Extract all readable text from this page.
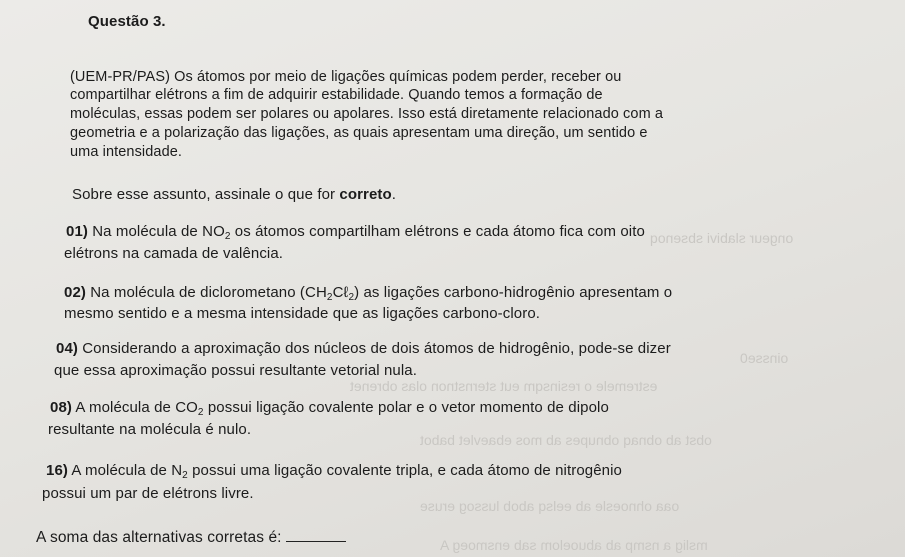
ongeur slabivi sbsenoq
oinsse0
estremele o resinsqm eut sternstnon olas obrenet
obst ab obnaq obnupes ab mos ebaevlet babot
oaa ohnoesle ab eelsq abob lussog eruse
mslig a nsmp ab abuoelom sab ensmoeg A
Questão 3.
(UEM-PR/PAS) Os átomos por meio de ligações químicas podem perder, receber ou
compartilhar elétrons a fim de adquirir estabilidade. Quando temos a formação de
moléculas, essas podem ser polares ou apolares. Isso está diretamente relacionado com a
geometria e a polarização das ligações, as quais apresentam uma direção, um sentido e
uma intensidade.
Sobre esse assunto, assinale o que for correto.
01) Na molécula de $NO_2$ os átomos compartilham elétrons e cada átomo fica com oito
elétrons na camada de valência.
02) Na molécula de diclorometano $(CH_2C\ell_2)$ as ligações carbono-hidrogênio apresentam o
mesmo sentido e a mesma intensidade que as ligações carbono-cloro.
04) Considerando a aproximação dos núcleos de dois átomos de hidrogênio, pode-se dizer
que essa aproximação possui resultante vetorial nula.
08) A molécula de $CO_2$ possui ligação covalente polar e o vetor momento de dipolo
resultante na molécula é nulo.
16) A molécula de $N_2$ possui uma ligação covalente tripla, e cada átomo de nitrogênio
possui um par de elétrons livre.
A soma das alternativas corretas é:
